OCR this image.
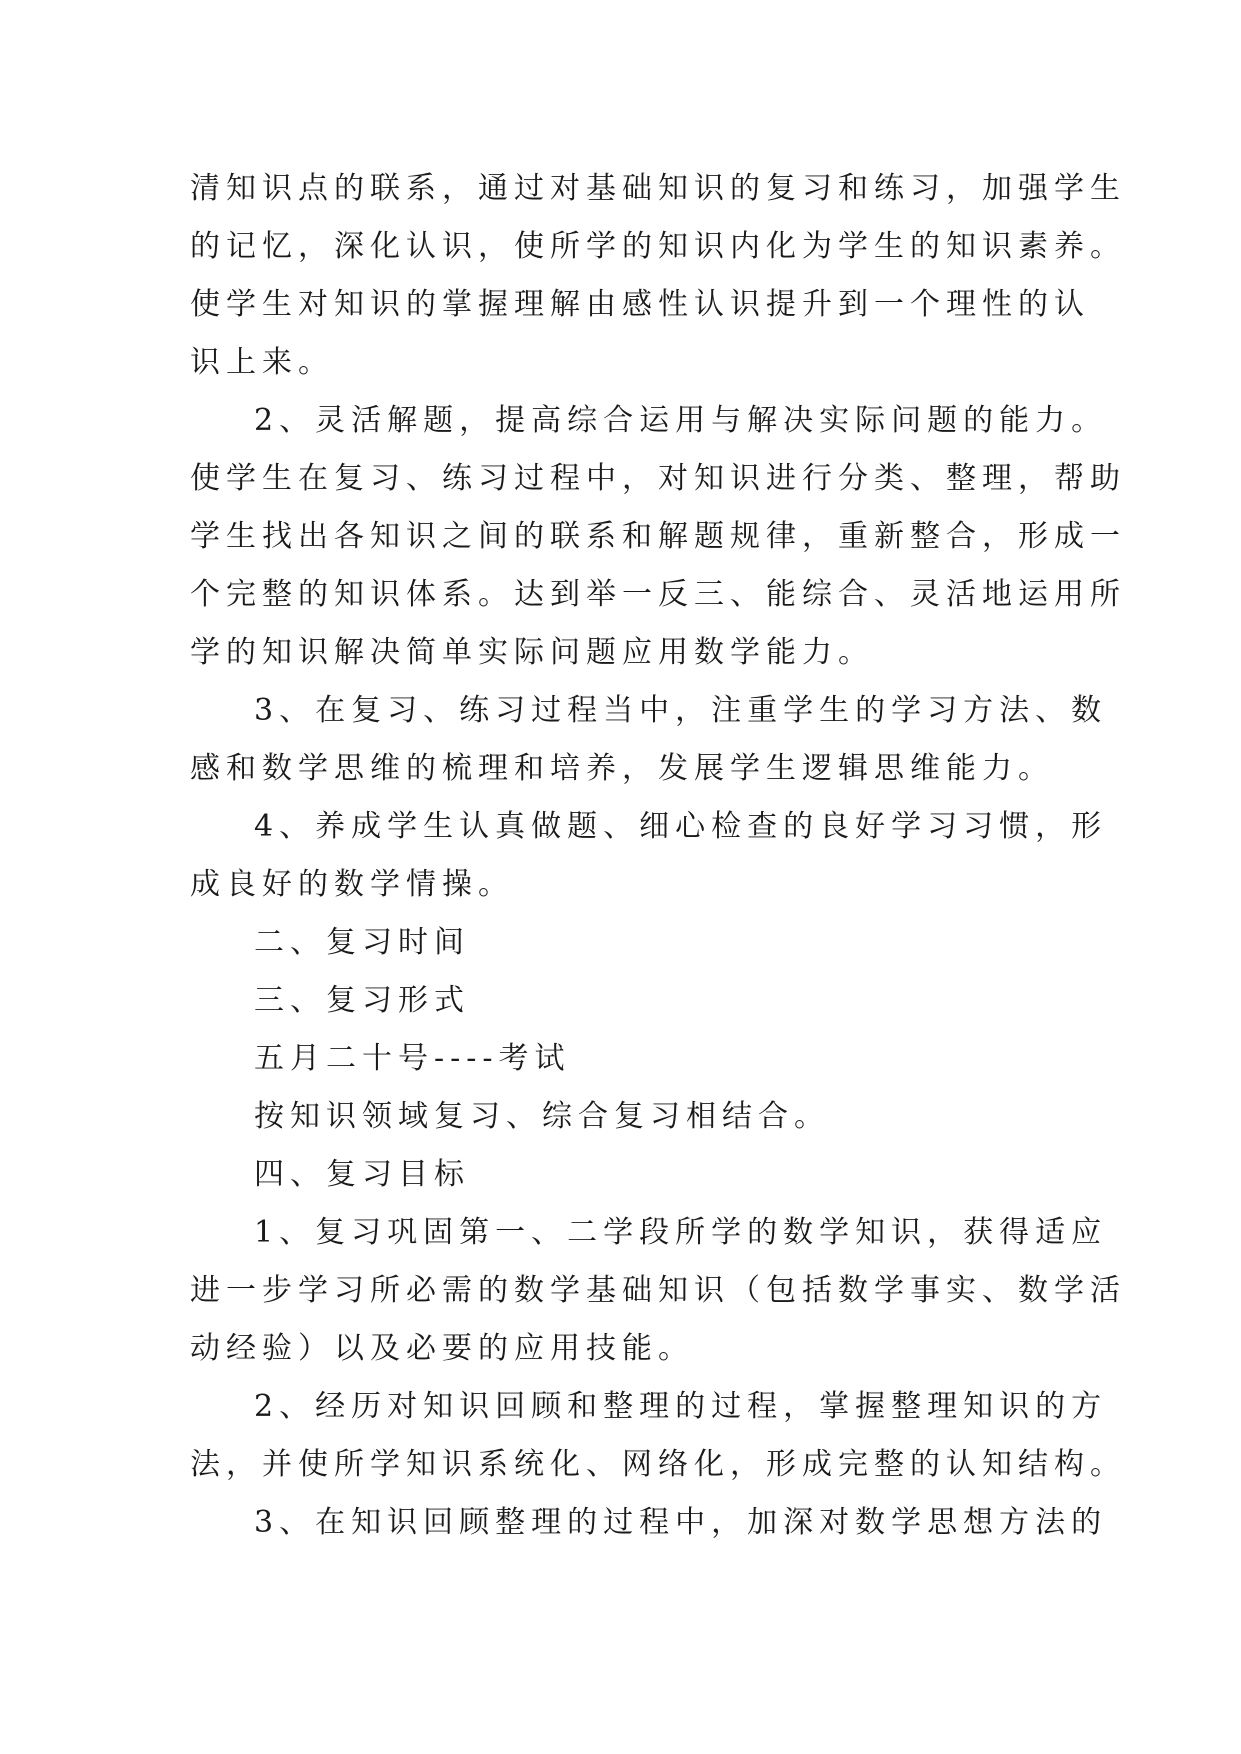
清知识点的联系，通过对基础知识的复习和练习，加强学生
的记忆，深化认识，使所学的知识内化为学生的知识素养。
使学生对知识的掌握理解由感性认识提升到一个理性的认
识上来。
2、灵活解题，提高综合运用与解决实际问题的能力。
使学生在复习、练习过程中，对知识进行分类、整理，帮助
学生找出各知识之间的联系和解题规律，重新整合，形成一
个完整的知识体系。达到举一反三、能综合、灵活地运用所
学的知识解决简单实际问题应用数学能力。
3、在复习、练习过程当中，注重学生的学习方法、数
感和数学思维的梳理和培养，发展学生逻辑思维能力。
4、养成学生认真做题、细心检查的良好学习习惯，形
成良好的数学情操。
二、复习时间
三、复习形式
五月二十号----考试
按知识领域复习、综合复习相结合。
四、复习目标
1、复习巩固第一、二学段所学的数学知识，获得适应
进一步学习所必需的数学基础知识（包括数学事实、数学活
动经验）以及必要的应用技能。
2、经历对知识回顾和整理的过程，掌握整理知识的方
法，并使所学知识系统化、网络化，形成完整的认知结构。
3、在知识回顾整理的过程中，加深对数学思想方法的
